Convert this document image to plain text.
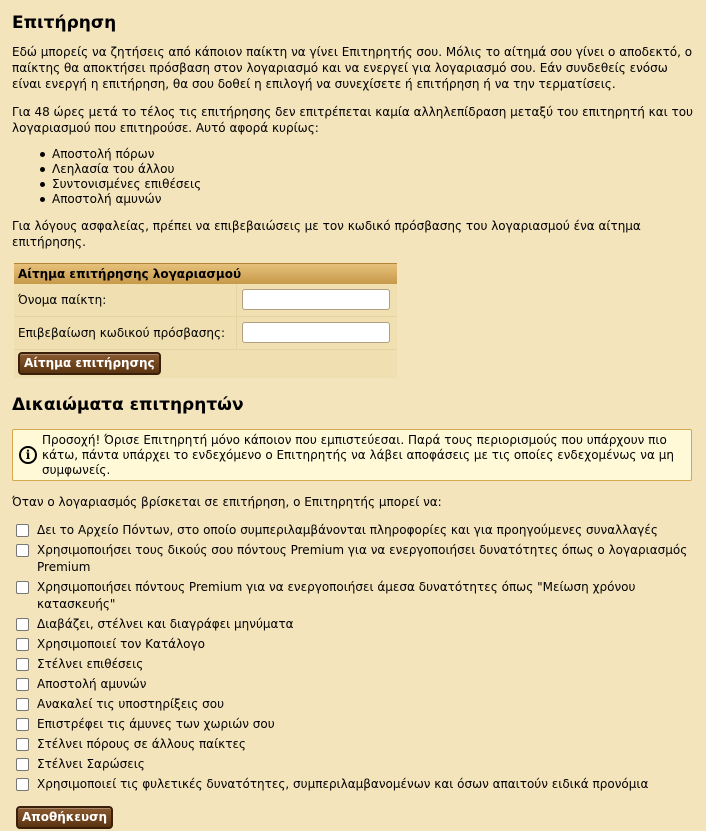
Επιτήρηση

Εδώ μπορείς να ζητήσεις από κάποιον παίκτη να γίνει Επιτηρητής σου. Μόλις το αίτημά σου γίνει ο αποδεκτό, ο παίκτης θα αποκτήσει πρόσβαση στον λογαριασμό και να ενεργεί για λογαριασμό σου. Εάν συνδεθείς ενόσω είναι ενεργή η επιτήρηση, θα σου δοθεί η επιλογή να συνεχίσετε ή επιτήρηση ή να την τερματίσεις.

Για 48 ώρες μετά το τέλος τις επιτήρησης δεν επιτρέπεται καμία αλληλεπίδραση μεταξύ του επιτηρητή και του λογαριασμού που επιτηρούσε. Αυτό αφορά κυρίως:

Αποστολή πόρων
Λεηλασία του άλλου
Συντονισμένες επιθέσεις
Αποστολή αμυνών

Για λόγους ασφαλείας, πρέπει να επιβεβαιώσεις με τον κωδικό πρόσβασης του λογαριασμού ένα αίτημα επιτήρησης.

Αίτημα επιτήρησης λογαριασμού
Όνομα παίκτη:
Επιβεβαίωση κωδικού πρόσβασης:
Αίτημα επιτήρησης
Δικαιώματα επιτηρητών
i
Προσοχή! Όρισε Επιτηρητή μόνο κάποιον που εμπιστεύεσαι. Παρά τους περιορισμούς που υπάρχουν πιο κάτω, πάντα υπάρχει το ενδεχόμενο ο Επιτηρητής να λάβει αποφάσεις με τις οποίες ενδεχομένως να μη συμφωνείς.

Όταν ο λογαριασμός βρίσκεται σε επιτήρηση, ο Επιτηρητής μπορεί να:

Δει το Αρχείο Πόντων, στο οποίο συμπεριλαμβάνονται πληροφορίες και για προηγούμενες συναλλαγές
Χρησιμοποιήσει τους δικούς σου πόντους Premium για να ενεργοποιήσει δυνατότητες όπως ο λογαριασμός Premium
Χρησιμοποιήσει πόντους Premium για να ενεργοποιήσει άμεσα δυνατότητες όπως "Μείωση χρόνου κατασκευής"
Διαβάζει, στέλνει και διαγράφει μηνύματα
Χρησιμοποιεί τον Κατάλογο
Στέλνει επιθέσεις
Αποστολή αμυνών
Ανακαλεί τις υποστηρίξεις σου
Επιστρέφει τις άμυνες των χωριών σου
Στέλνει πόρους σε άλλους παίκτες
Στέλνει Σαρώσεις
Χρησιμοποιεί τις φυλετικές δυνατότητες, συμπεριλαμβανομένων και όσων απαιτούν ειδικά προνόμια
Αποθήκευση
